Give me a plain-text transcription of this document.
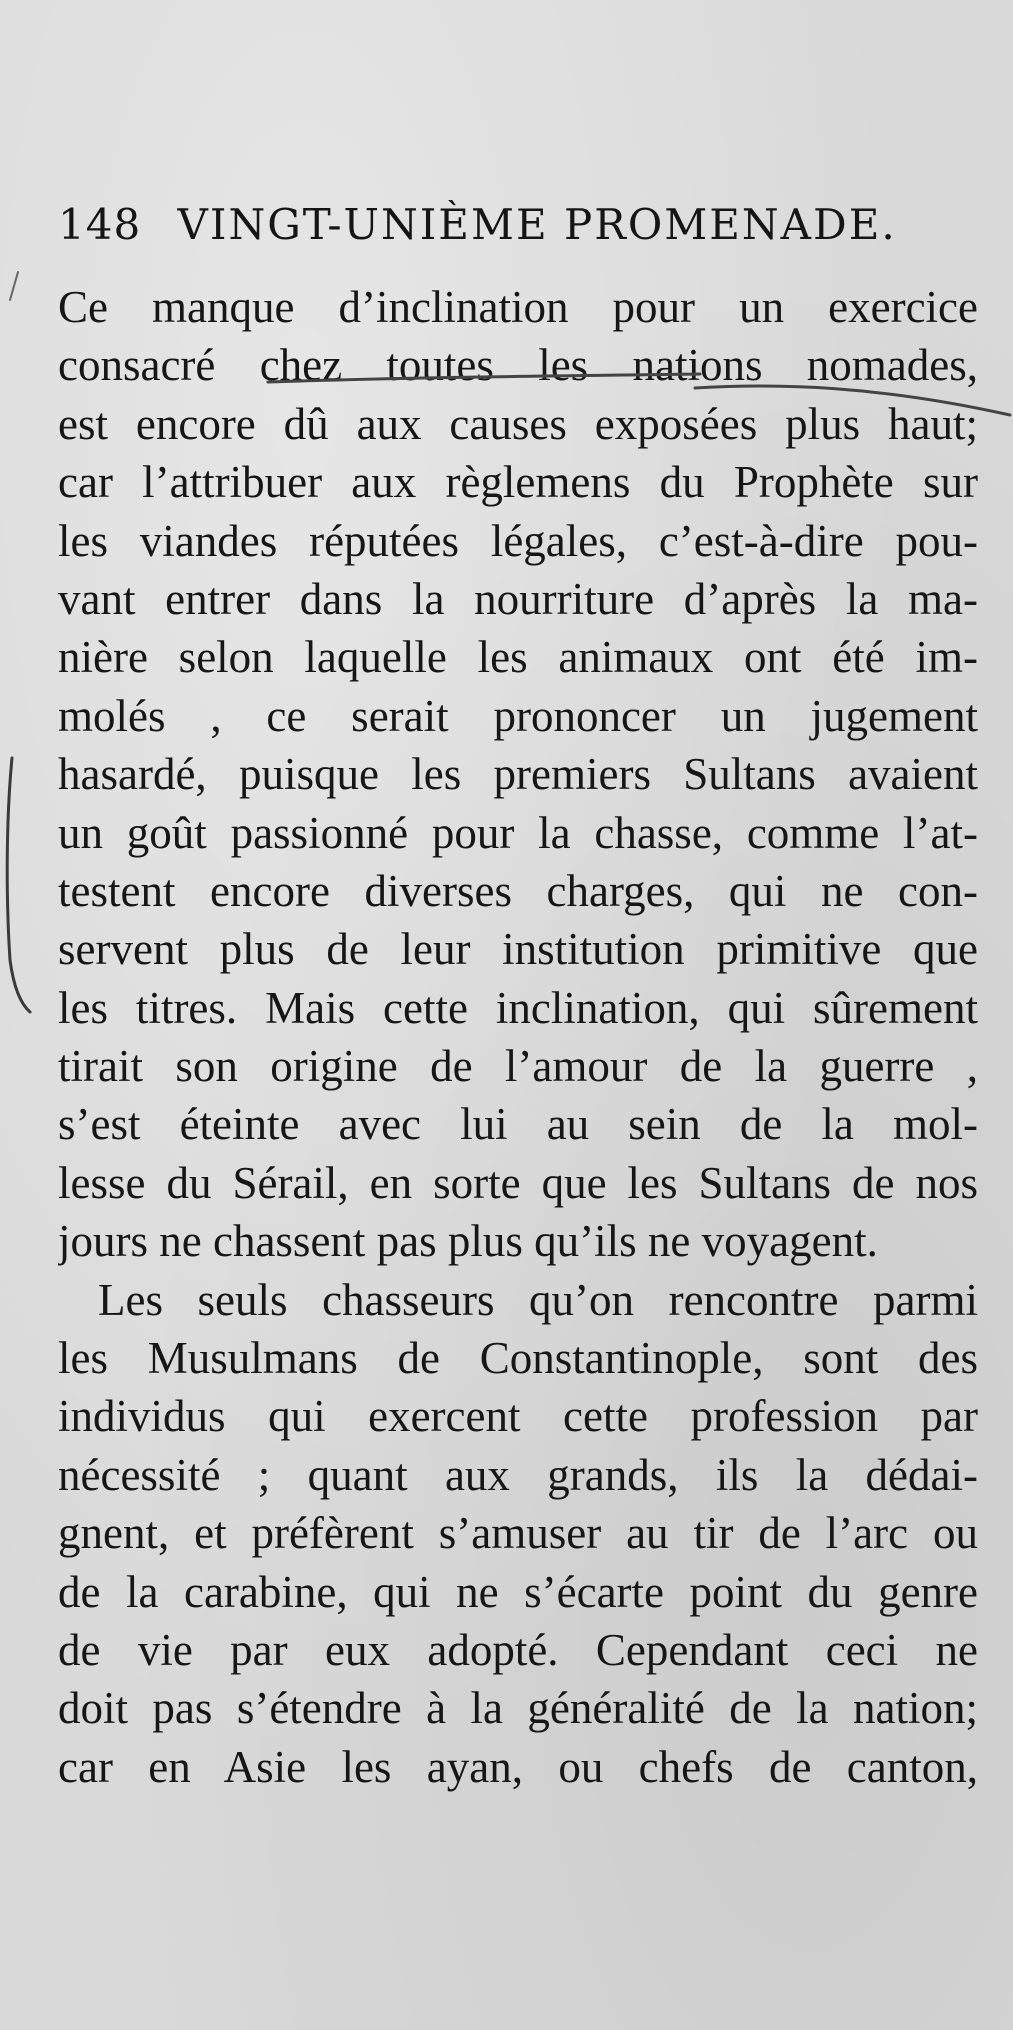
148 VINGT-UNIÈME PROMENADE.
Ce manque d’inclination pour un exercice
consacré chez toutes les nations nomades,
est encore dû aux causes exposées plus haut;
car l’attribuer aux règlemens du Prophète sur
les viandes réputées légales, c’est-à-dire pou-
vant entrer dans la nourriture d’après la ma-
nière selon laquelle les animaux ont été im-
molés , ce serait prononcer un jugement
hasardé, puisque les premiers Sultans avaient
un goût passionné pour la chasse, comme l’at-
testent encore diverses charges, qui ne con-
servent plus de leur institution primitive que
les titres. Mais cette inclination, qui sûrement
tirait son origine de l’amour de la guerre ,
s’est éteinte avec lui au sein de la mol-
lesse du Sérail, en sorte que les Sultans de nos
jours ne chassent pas plus qu’ils ne voyagent.
Les seuls chasseurs qu’on rencontre parmi
les Musulmans de Constantinople, sont des
individus qui exercent cette profession par
nécessité ; quant aux grands, ils la dédai-
gnent, et préfèrent s’amuser au tir de l’arc ou
de la carabine, qui ne s’écarte point du genre
de vie par eux adopté. Cependant ceci ne
doit pas s’étendre à la généralité de la nation;
car en Asie les ayan, ou chefs de canton,
